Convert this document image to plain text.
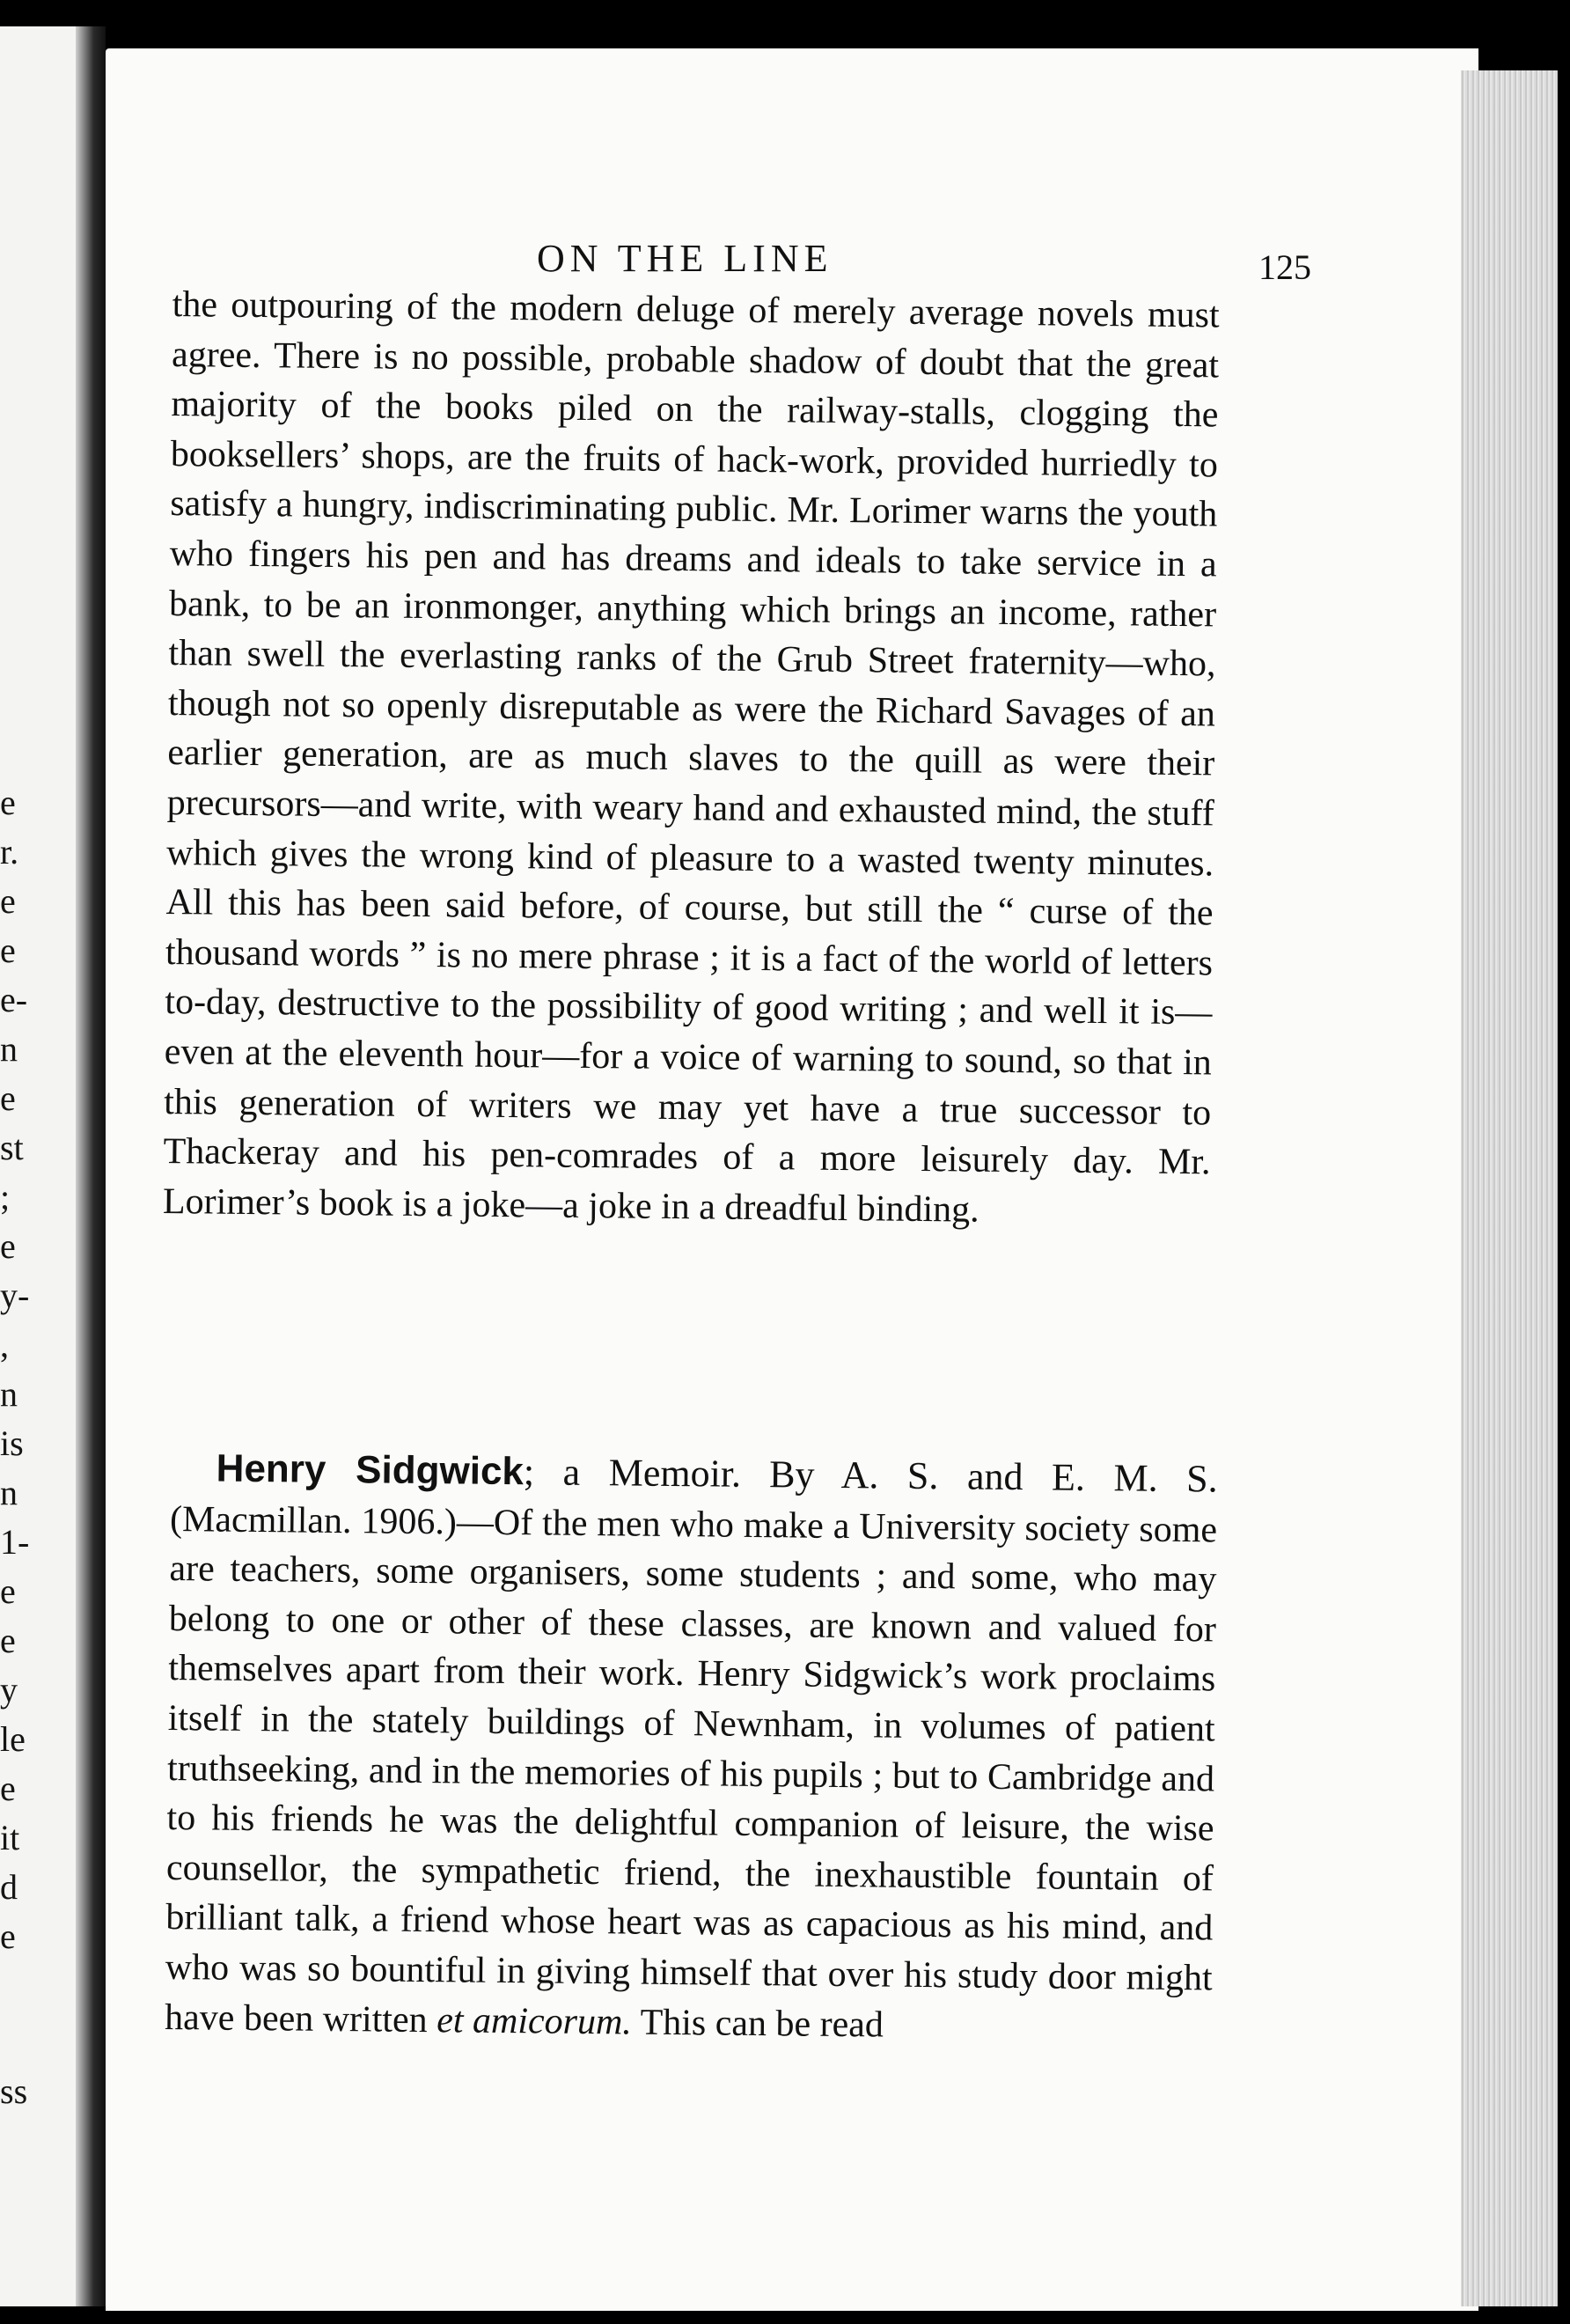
e
r.
e
e
e-
n
e
st
;
e
y-
,
n
is
n
1-
e
e
y
le
e
it
d
e
ss
ON THE LINE	125

the outpouring of the modern deluge of merely average novels must agree. There is no possible, probable shadow of doubt that the great majority of the books piled on the railway-stalls, clogging the booksellers’ shops, are the fruits of hack-work, provided hurriedly to satisfy a hungry, indiscriminating public. Mr. Lorimer warns the youth who fingers his pen and has dreams and ideals to take service in a bank, to be an ironmonger, anything which brings an income, rather than swell the everlasting ranks of the Grub Street fraternity—who, though not so openly disreputable as were the Richard Savages of an earlier generation, are as much slaves to the quill as were their precursors—and write, with weary hand and exhausted mind, the stuff which gives the wrong kind of pleasure to a wasted twenty minutes. All this has been said before, of course, but still the “ curse of the thousand words ” is no mere phrase ; it is a fact of the world of letters to-day, destructive to the possibility of good writing ; and well it is—even at the eleventh hour—for a voice of warning to sound, so that in this generation of writers we may yet have a true successor to Thackeray and his pen-comrades of a more leisurely day. Mr. Lorimer’s book is a joke—a joke in a dreadful binding.

Henry Sidgwick; a Memoir. By A. S. and E. M. S. (Macmillan. 1906.)—Of the men who make a University society some are teachers, some organisers, some students ; and some, who may belong to one or other of these classes, are known and valued for themselves apart from their work. Henry Sidgwick’s work proclaims itself in the stately buildings of Newnham, in volumes of patient truthseeking, and in the memories of his pupils ; but to Cambridge and to his friends he was the delightful companion of leisure, the wise counsellor, the sympathetic friend, the inexhaustible fountain of brilliant talk, a friend whose heart was as capacious as his mind, and who was so bountiful in giving himself that over his study door might have been written et amicorum. This can be read
